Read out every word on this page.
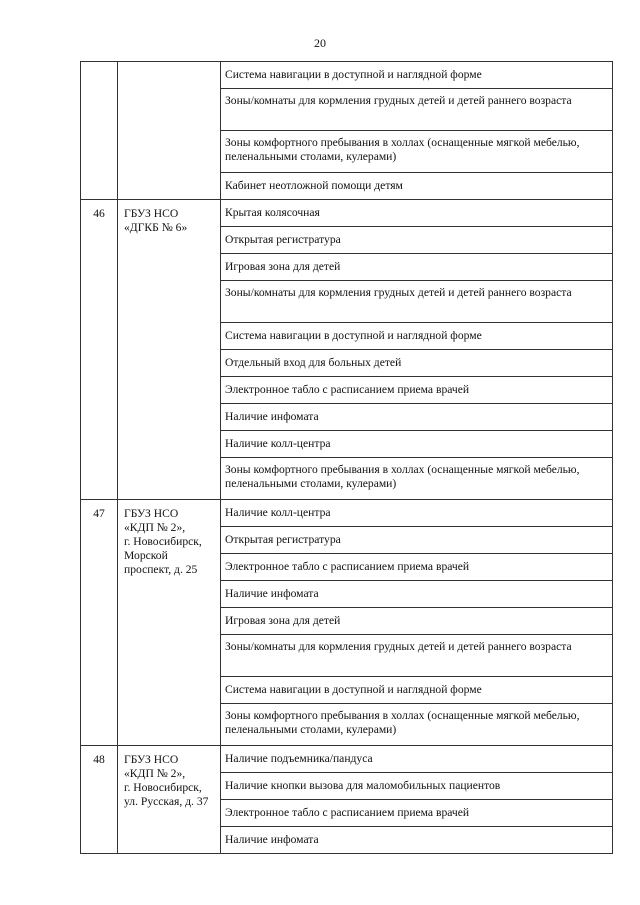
20

		Система навигации в доступной и наглядной форме

		Зоны/комнаты для кормления грудных детей и детей раннего возраста

		Зоны комфортного пребывания в холлах (оснащенные мягкой мебелью, пеленальными столами, кулерами)

		Кабинет неотложной помощи детям

46	ГБУЗ НСО
«ДГКБ № 6»	Крытая колясочная

		Открытая регистратура

		Игровая зона для детей

		Зоны/комнаты для кормления грудных детей и детей раннего возраста

		Система навигации в доступной и наглядной форме

		Отдельный вход для больных детей

		Электронное табло с расписанием приема врачей

		Наличие инфомата

		Наличие колл-центра

		Зоны комфортного пребывания в холлах (оснащенные мягкой мебелью, пеленальными столами, кулерами)

47	ГБУЗ НСО
«КДП № 2»,
г. Новосибирск,
Морской
проспект, д. 25	Наличие колл-центра

		Открытая регистратура

		Электронное табло с расписанием приема врачей

		Наличие инфомата

		Игровая зона для детей

		Зоны/комнаты для кормления грудных детей и детей раннего возраста

		Система навигации в доступной и наглядной форме

		Зоны комфортного пребывания в холлах (оснащенные мягкой мебелью, пеленальными столами, кулерами)

48	ГБУЗ НСО
«КДП № 2»,
г. Новосибирск,
ул. Русская, д. 37	Наличие подъемника/пандуса

		Наличие кнопки вызова для маломобильных пациентов

		Электронное табло с расписанием приема врачей

		Наличие инфомата
